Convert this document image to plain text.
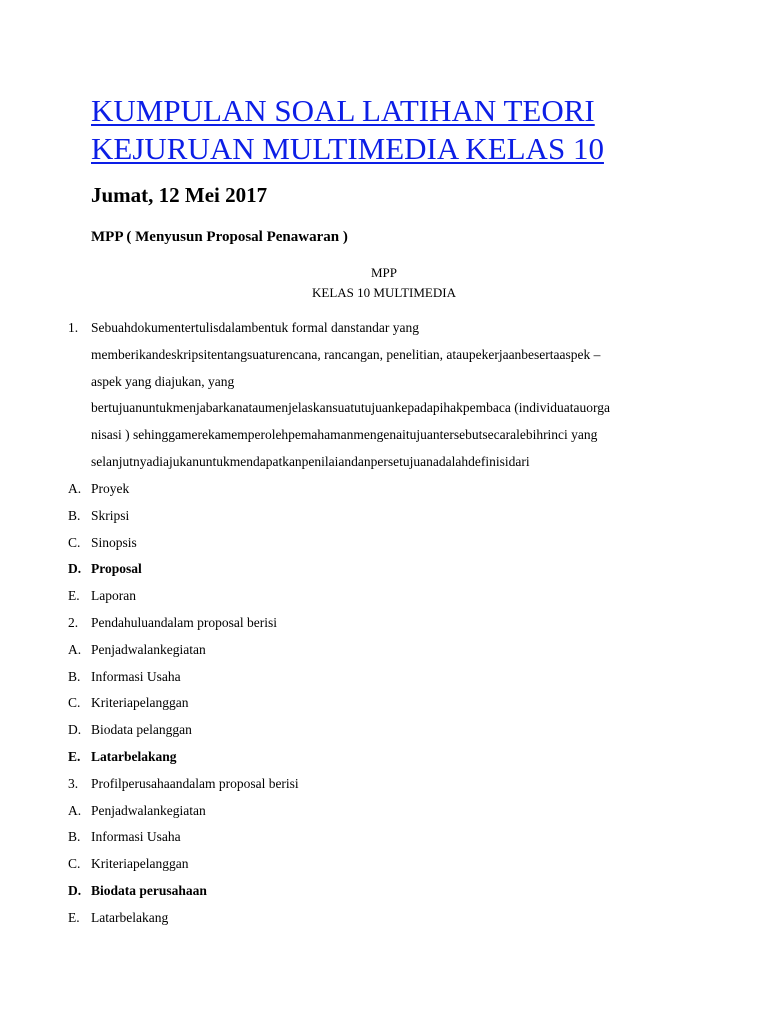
KUMPULAN SOAL LATIHAN TEORI
KEJURUAN MULTIMEDIA KELAS 10
Jumat, 12 Mei 2017
MPP ( Menyusun Proposal Penawaran )
MPP
KELAS 10 MULTIMEDIA
1. Sebuahdokumentertulisdalambentuk formal danstandar yang
memberikandeskripsitentangsuaturencana, rancangan, penelitian, ataupekerjaanbesertaaspek –
aspek yang diajukan, yang
bertujuanuntukmenjabarkanataumenjelaskansuatutujuankepadapihakpembaca (individuatauorga
nisasi ) sehinggamerekamemperolehpemahamanmengenaitujuantersebutsecaralebihrinci yang
selanjutnyadiajukanuntukmendapatkanpenilaiandanpersetujuanadalahdefinisidari
A. Proyek
B. Skripsi
C. Sinopsis
D. Proposal
E. Laporan
2. Pendahuluandalam proposal berisi
A. Penjadwalankegiatan
B. Informasi Usaha
C. Kriteriapelanggan
D. Biodata pelanggan
E. Latarbelakang
3. Profilperusahaandalam proposal berisi
A. Penjadwalankegiatan
B. Informasi Usaha
C. Kriteriapelanggan
D. Biodata perusahaan
E. Latarbelakang
